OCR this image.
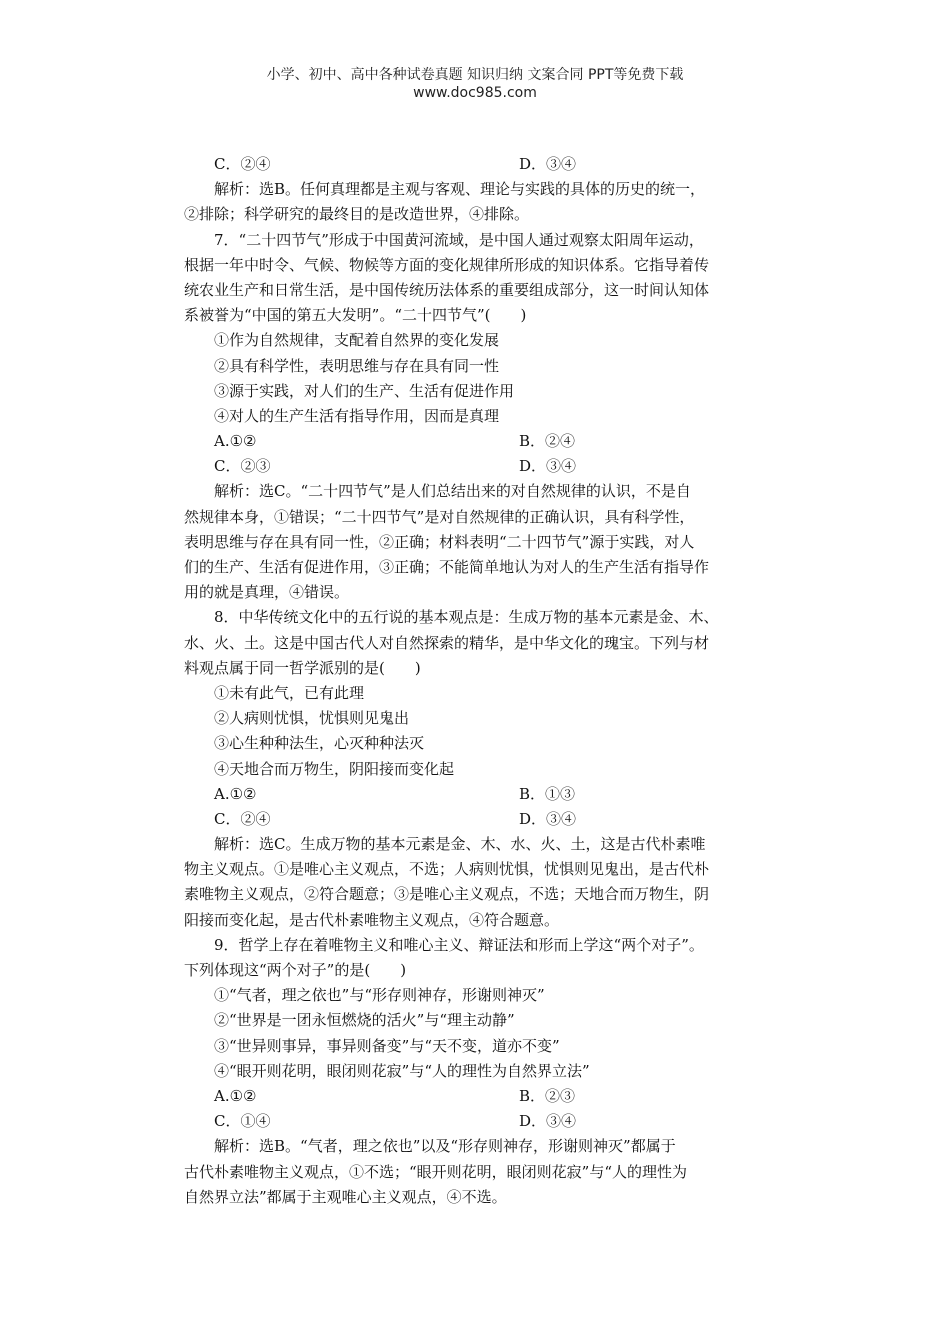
小学、初中、高中各种试卷真题 知识归纳 文案合同 PPT等免费下载
www.doc985.com
C．②④	D．③④
解析：选B。任何真理都是主观与客观、理论与实践的具体的历史的统一，
②排除；科学研究的最终目的是改造世界，④排除。
7．“二十四节气”形成于中国黄河流域，是中国人通过观察太阳周年运动，
根据一年中时令、气候、物候等方面的变化规律所形成的知识体系。它指导着传
统农业生产和日常生活，是中国传统历法体系的重要组成部分，这一时间认知体
系被誉为“中国的第五大发明”。“二十四节气”(　　)
①作为自然规律，支配着自然界的变化发展
②具有科学性，表明思维与存在具有同一性
③源于实践，对人们的生产、生活有促进作用
④对人的生产生活有指导作用，因而是真理
A.①②	B．②④
C．②③	D．③④
解析：选C。“二十四节气”是人们总结出来的对自然规律的认识，不是自
然规律本身，①错误；“二十四节气”是对自然规律的正确认识，具有科学性，
表明思维与存在具有同一性，②正确；材料表明“二十四节气”源于实践，对人
们的生产、生活有促进作用，③正确；不能简单地认为对人的生产生活有指导作
用的就是真理，④错误。
8．中华传统文化中的五行说的基本观点是：生成万物的基本元素是金、木、
水、火、土。这是中国古代人对自然探索的精华，是中华文化的瑰宝。下列与材
料观点属于同一哲学派别的是(　　)
①未有此气，已有此理
②人病则忧惧，忧惧则见鬼出
③心生种种法生，心灭种种法灭
④天地合而万物生，阴阳接而变化起
A.①②	B．①③
C．②④	D．③④
解析：选C。生成万物的基本元素是金、木、水、火、土，这是古代朴素唯
物主义观点。①是唯心主义观点，不选；人病则忧惧，忧惧则见鬼出，是古代朴
素唯物主义观点，②符合题意；③是唯心主义观点，不选；天地合而万物生，阴
阳接而变化起，是古代朴素唯物主义观点，④符合题意。
9．哲学上存在着唯物主义和唯心主义、辩证法和形而上学这“两个对子”。
下列体现这“两个对子”的是(　　)
①“气者，理之依也”与“形存则神存，形谢则神灭”
②“世界是一团永恒燃烧的活火”与“理主动静”
③“世异则事异，事异则备变”与“天不变，道亦不变”
④“眼开则花明，眼闭则花寂”与“人的理性为自然界立法”
A.①②	B．②③
C．①④	D．③④
解析：选B。“气者，理之依也”以及“形存则神存，形谢则神灭”都属于
古代朴素唯物主义观点，①不选；“眼开则花明，眼闭则花寂”与“人的理性为
自然界立法”都属于主观唯心主义观点，④不选。
